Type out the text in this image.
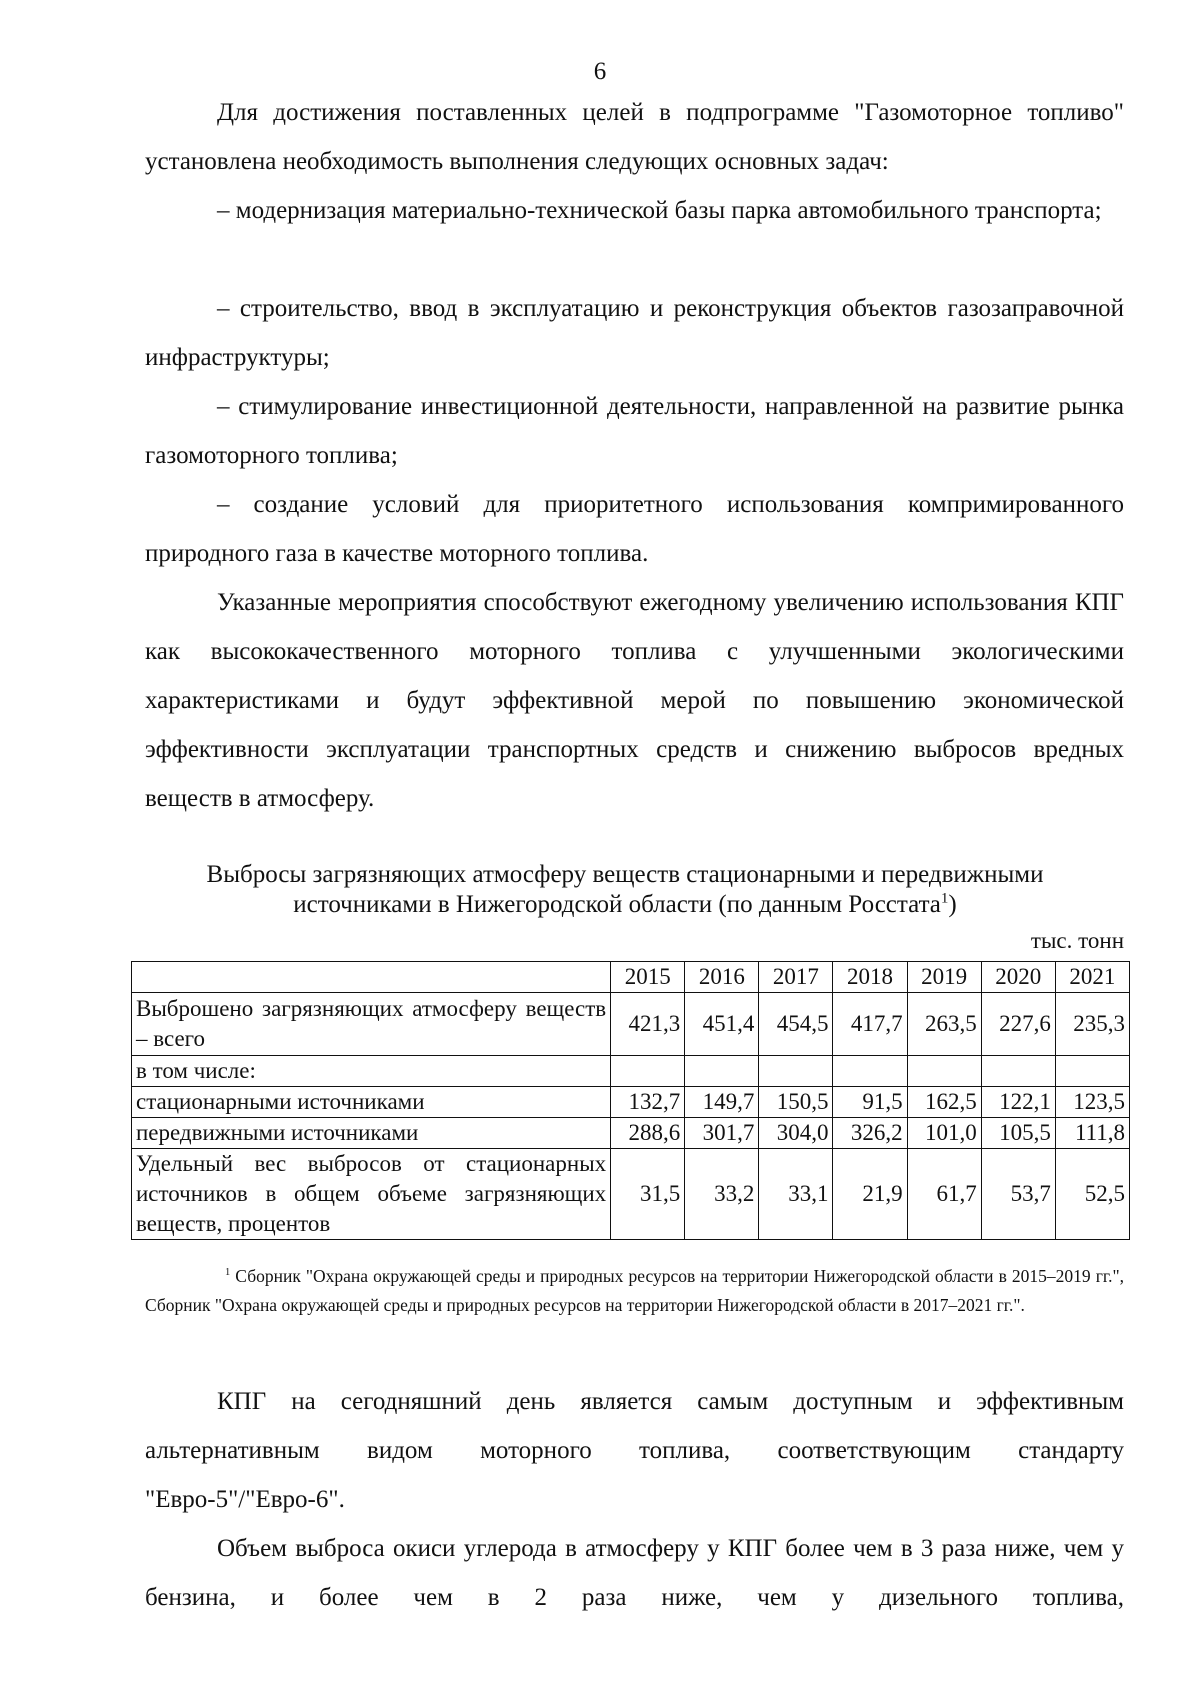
6

Для достижения поставленных целей в подпрограмме "Газомоторное топливо" установлена необходимость выполнения следующих основных задач:

– модернизация материально-технической базы парка автомобильного транспорта;

– строительство, ввод в эксплуатацию и реконструкция объектов газозаправочной инфраструктуры;

– стимулирование инвестиционной деятельности, направленной на развитие рынка газомоторного топлива;

– создание условий для приоритетного использования компримированного природного газа в качестве моторного топлива.

Указанные мероприятия способствуют ежегодному увеличению использования КПГ как высококачественного моторного топлива с улучшенными экологическими характеристиками и будут эффективной мерой по повышению экономической эффективности эксплуатации транспортных средств и снижению выбросов вредных веществ в атмосферу.

Выбросы загрязняющих атмосферу веществ стационарными и передвижными
источниками в Нижегородской области (по данным Росстата$^1$)
тыс. тонн
	2015	2016	2017	2018	2019	2020	2021
Выброшено загрязняющих атмосферу веществ – всего	421,3	451,4	454,5	417,7	263,5	227,6	235,3
в том числе:							
стационарными источниками	132,7	149,7	150,5	91,5	162,5	122,1	123,5
передвижными источниками	288,6	301,7	304,0	326,2	101,0	105,5	111,8
Удельный вес выбросов от стационарных источников в общем объеме загрязняющих веществ, процентов	31,5	33,2	33,1	21,9	61,7	53,7	52,5

$^1$ Сборник "Охрана окружающей среды и природных ресурсов на территории Нижегородской области в 2015–2019 гг.", Сборник "Охрана окружающей среды и природных ресурсов на территории Нижегородской области в 2017–2021 гг.".

КПГ на сегодняшний день является самым доступным и эффективным альтернативным видом моторного топлива, соответствующим стандарту "Евро-5"/"Евро-6".

Объем выброса окиси углерода в атмосферу у КПГ более чем в 3 раза ниже, чем у бензина, и более чем в 2 раза ниже, чем у дизельного топлива,
